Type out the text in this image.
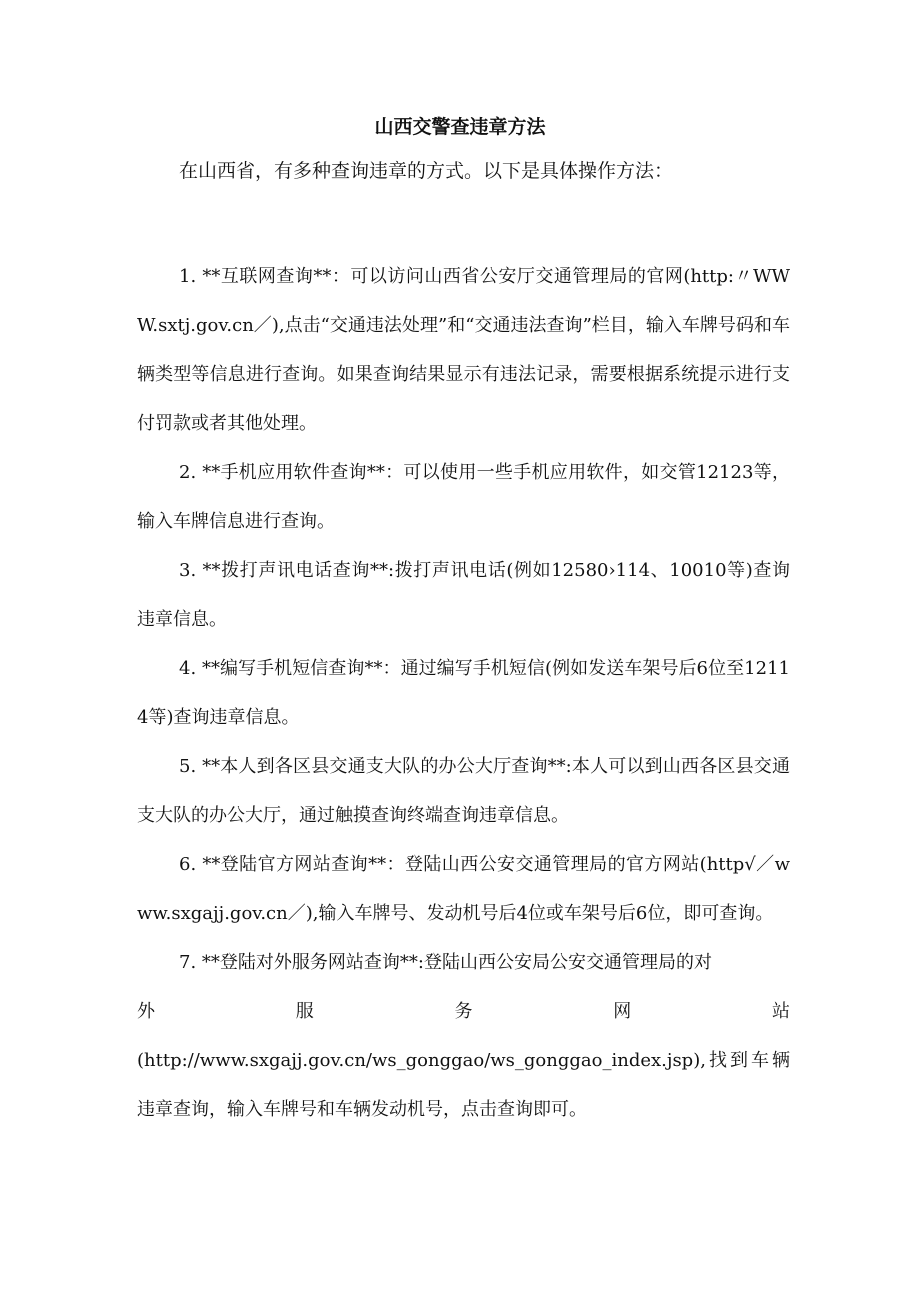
山西交警查违章方法

在山西省，有多种查询违章的方式。以下是具体操作方法：

1. **互联网查询**：可以访问山西省公安厅交通管理局的官网(http:〃WWW.sxtj.gov.cn／),点击“交通违法处理”和“交通违法查询”栏目，输入车牌号码和车辆类型等信息进行查询。如果查询结果显示有违法记录，需要根据系统提示进行支付罚款或者其他处理。

2. **手机应用软件查询**：可以使用一些手机应用软件，如交管12123等，输入车牌信息进行查询。

3. **拨打声讯电话查询**:拨打声讯电话(例如12580›114、10010等)查询违章信息。

4. **编写手机短信查询**：通过编写手机短信(例如发送车架号后6位至12114等)查询违章信息。

5. **本人到各区县交通支大队的办公大厅查询**:本人可以到山西各区县交通支大队的办公大厅，通过触摸查询终端查询违章信息。

6. **登陆官方网站查询**：登陆山西公安交通管理局的官方网站(http√／www.sxgajj.gov.cn／),输入车牌号、发动机号后4位或车架号后6位，即可查询。

7. **登陆对外服务网站查询**:登陆山西公安局公安交通管理局的对

外	服	务	网	站

(http://www.sxgajj.gov.cn/ws_gonggao/ws_gonggao_index.jsp),找到车辆违章查询，输入车牌号和车辆发动机号，点击查询即可。
